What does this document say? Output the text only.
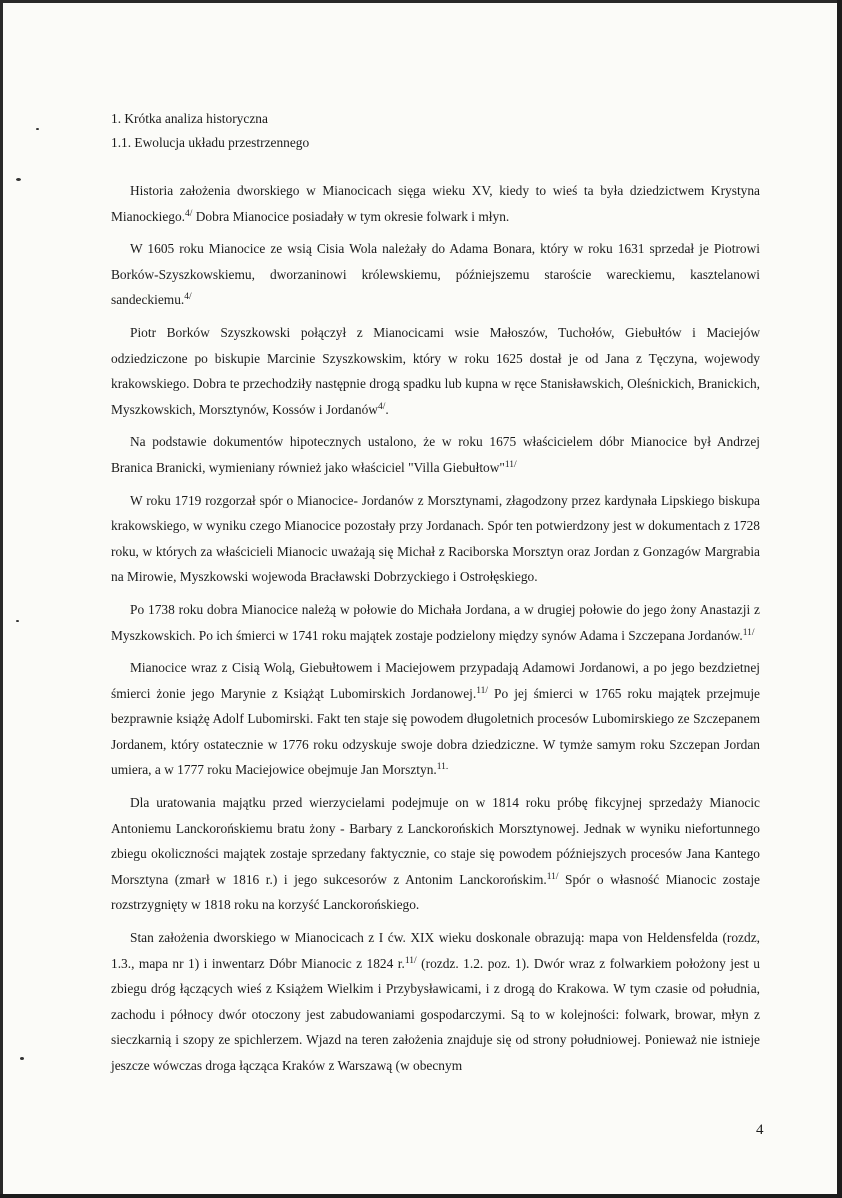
1. Krótka analiza historyczna
1.1. Ewolucja układu przestrzennego

Historia założenia dworskiego w Mianocicach sięga wieku XV, kiedy to wieś ta była dziedzictwem Krystyna Mianockiego.$^{4/}$ Dobra Mianocice posiadały w tym okresie folwark i młyn.

W 1605 roku Mianocice ze wsią Cisia Wola należały do Adama Bonara, który w roku 1631 sprzedał je Piotrowi Borków-Szyszkowskiemu, dworzaninowi królewskiemu, późniejszemu staroście wareckiemu, kasztelanowi sandeckiemu.$^{4/}$

Piotr Borków Szyszkowski połączył z Mianocicami wsie Małoszów, Tuchołów, Giebułtów i Maciejów odziedziczone po biskupie Marcinie Szyszkowskim, który w roku 1625 dostał je od Jana z Tęczyna, wojewody krakowskiego. Dobra te przechodziły następnie drogą spadku lub kupna w ręce Stanisławskich, Oleśnickich, Branickich, Myszkowskich, Morsztynów, Kossów i Jordanów$^{4/}$.

Na podstawie dokumentów hipotecznych ustalono, że w roku 1675 właścicielem dóbr Mianocice był Andrzej Branica Branicki, wymieniany również jako właściciel "Villa Giebułtow"$^{11/}$

W roku 1719 rozgorzał spór o Mianocice- Jordanów z Morsztynami, złagodzony przez kardynała Lipskiego biskupa krakowskiego, w wyniku czego Mianocice pozostały przy Jordanach. Spór ten potwierdzony jest w dokumentach z 1728 roku, w których za właścicieli Mianocic uważają się Michał z Raciborska Morsztyn oraz Jordan z Gonzagów Margrabia na Mirowie, Myszkowski wojewoda Bracławski Dobrzyckiego i Ostrołęskiego.

Po 1738 roku dobra Mianocice należą w połowie do Michała Jordana, a w drugiej połowie do jego żony Anastazji z Myszkowskich. Po ich śmierci w 1741 roku majątek zostaje podzielony między synów Adama i Szczepana Jordanów.$^{11/}$

Mianocice wraz z Cisią Wolą, Giebułtowem i Maciejowem przypadają Adamowi Jordanowi, a po jego bezdzietnej śmierci żonie jego Marynie z Książąt Lubomirskich Jordanowej.$^{11/}$ Po jej śmierci w 1765 roku majątek przejmuje bezprawnie książę Adolf Lubomirski. Fakt ten staje się powodem długoletnich procesów Lubomirskiego ze Szczepanem Jordanem, który ostatecznie w 1776 roku odzyskuje swoje dobra dziedziczne. W tymże samym roku Szczepan Jordan umiera, a w 1777 roku Maciejowice obejmuje Jan Morsztyn.$^{11.}$

Dla uratowania majątku przed wierzycielami podejmuje on w 1814 roku próbę fikcyjnej sprzedaży Mianocic Antoniemu Lanckorońskiemu bratu żony - Barbary z Lanckorońskich Morsztynowej. Jednak w wyniku niefortunnego zbiegu okoliczności majątek zostaje sprzedany faktycznie, co staje się powodem późniejszych procesów Jana Kantego Morsztyna (zmarł w 1816 r.) i jego sukcesorów z Antonim Lanckorońskim.$^{11/}$ Spór o własność Mianocic zostaje rozstrzygnięty w 1818 roku na korzyść Lanckorońskiego.

Stan założenia dworskiego w Mianocicach z I ćw. XIX wieku doskonale obrazują: mapa von Heldensfelda (rozdz, 1.3., mapa nr 1) i inwentarz Dóbr Mianocic z 1824 r.$^{11/}$ (rozdz. 1.2. poz. 1). Dwór wraz z folwarkiem położony jest u zbiegu dróg łączących wieś z Książem Wielkim i Przybysławicami, i z drogą do Krakowa. W tym czasie od południa, zachodu i północy dwór otoczony jest zabudowaniami gospodarczymi. Są to w kolejności: folwark, browar, młyn z sieczkarnią i szopy ze spichlerzem. Wjazd na teren założenia znajduje się od strony południowej. Ponieważ nie istnieje jeszcze wówczas droga łącząca Kraków z Warszawą (w obecnym

4
